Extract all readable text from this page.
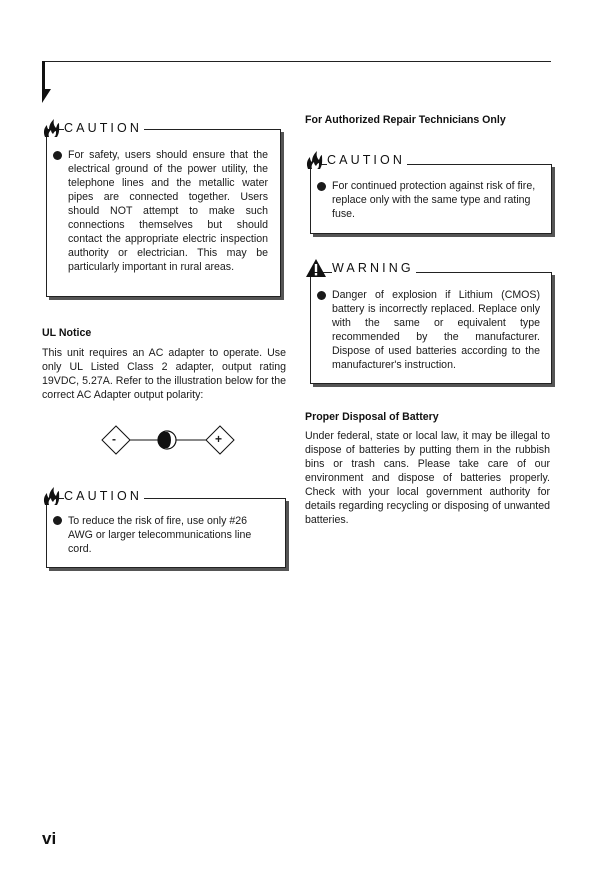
CAUTION
For safety, users should ensure that the electrical ground of the power utility, the telephone lines and the metallic water pipes are connected together. Users should NOT attempt to make such connections themselves but should contact the appropriate electric inspection authority or electrician. This may be particularly important in rural areas.
UL Notice
This unit requires an AC adapter to operate. Use only UL Listed Class 2 adapter, output rating 19VDC, 5.27A. Refer to the illustration below for the correct AC Adapter output polarity:
-	+
CAUTION
To reduce the risk of fire, use only #26 AWG or larger telecommunications line cord.
For Authorized Repair Technicians Only
CAUTION
For continued protection against risk of fire, replace only with the same type and rating fuse.
WARNING
Danger of explosion if Lithium (CMOS) battery is incorrectly replaced. Replace only with the same or equivalent type recommended by the manufacturer. Dispose of used batteries according to the manufacturer's instruction.
Proper Disposal of Battery
Under federal, state or local law, it may be illegal to dispose of batteries by putting them in the rubbish bins or trash cans. Please take care of our environment and dispose of batteries properly. Check with your local government authority for details regarding recycling or disposing of unwanted batteries.
vi
